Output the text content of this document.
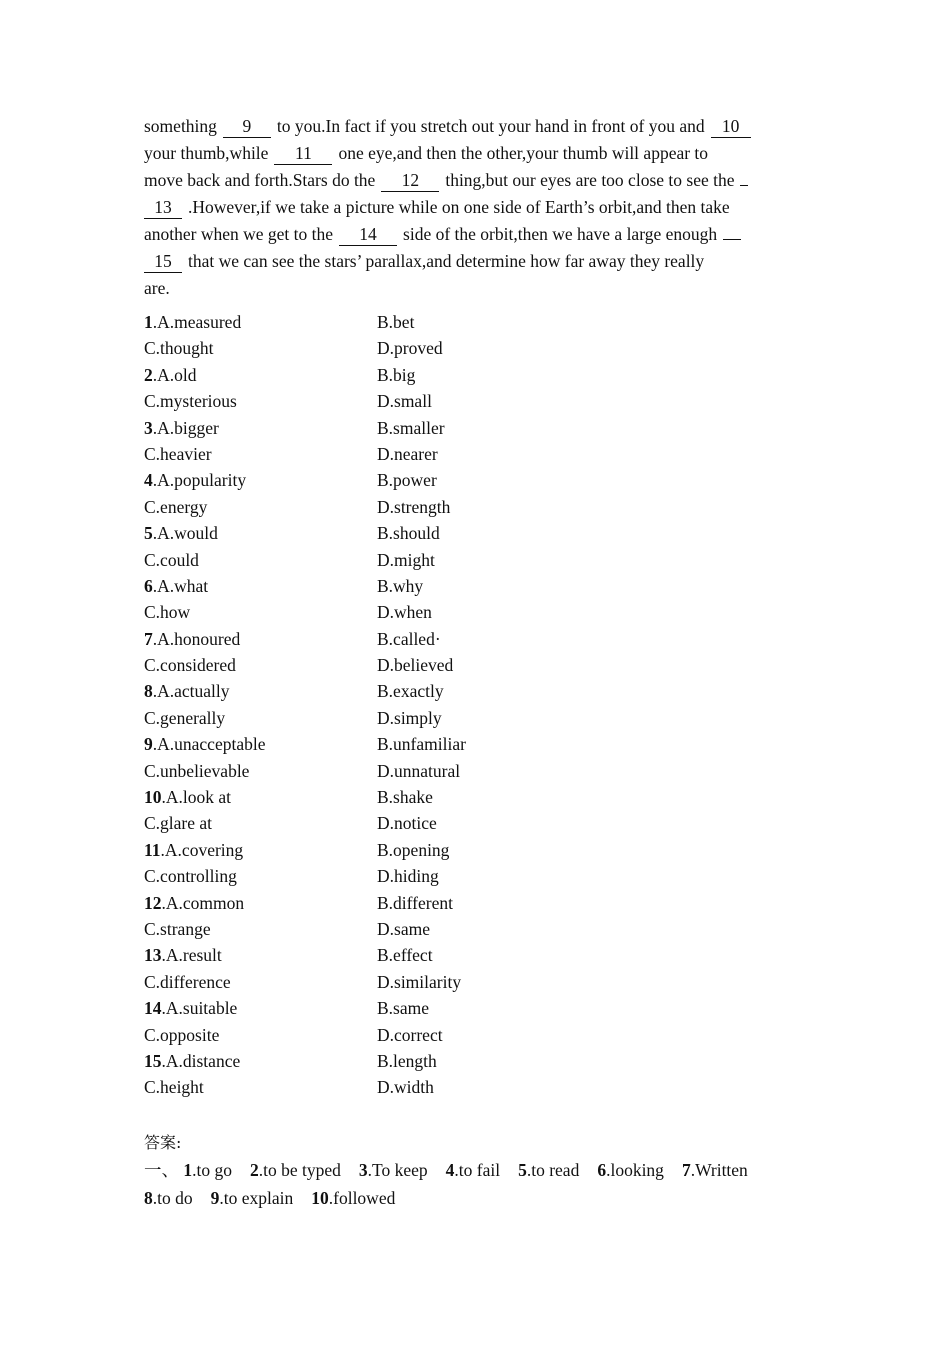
something 9 to you.In fact if you stretch out your hand in front of you and 10
your thumb,while 11 one eye,and then the other,your thumb will appear to
move back and forth.Stars do the 12 thing,but our eyes are too close to see the
13 .However,if we take a picture while on one side of Earth’s orbit,and then take
another when we get to the 14 side of the orbit,then we have a large enough
15 that we can see the stars’ parallax,and determine how far away they really
are.
1.A.measured	B.bet
C.thought	D.proved
2.A.old	B.big
C.mysterious	D.small
3.A.bigger	B.smaller
C.heavier	D.nearer
4.A.popularity	B.power
C.energy	D.strength
5.A.would	B.should
C.could	D.might
6.A.what	B.why
C.how	D.when
7.A.honoured	B.called·
C.considered	D.believed
8.A.actually	B.exactly
C.generally	D.simply
9.A.unacceptable	B.unfamiliar
C.unbelievable	D.unnatural
10.A.look at	B.shake
C.glare at	D.notice
11.A.covering	B.opening
C.controlling	D.hiding
12.A.common	B.different
C.strange	D.same
13.A.result	B.effect
C.difference	D.similarity
14.A.suitable	B.same
C.opposite	D.correct
15.A.distance	B.length
C.height	D.width
答案:
一、 1.to go 2.to be typed 3.To keep 4.to fail 5.to read 6.looking 7.Written
8.to do 9.to explain 10.followed
